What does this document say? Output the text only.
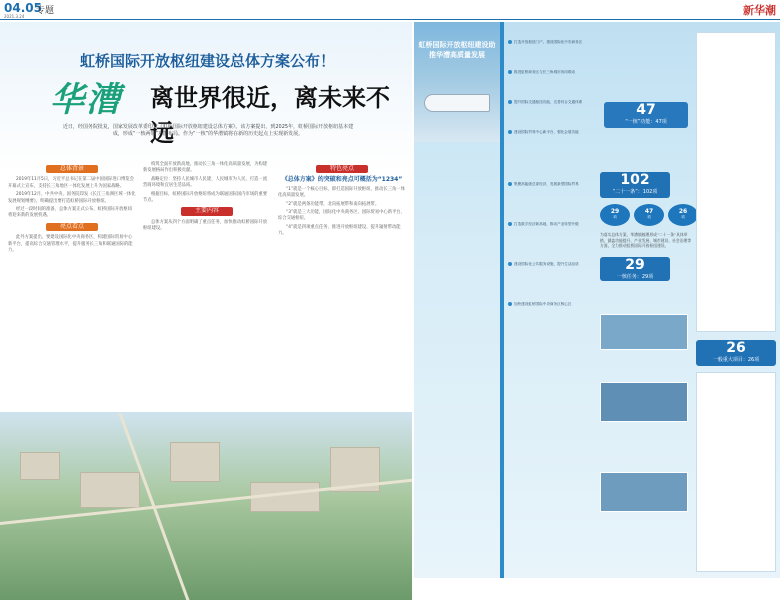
04.05
专题
2021.3.24	新华潮
虹桥国际开放枢纽建设总体方案公布！
华漕 离世界很近，离未来不远
近日，经国务院批复，国家发展改革委印发《虹桥国际开放枢纽建设总体方案》。该方案提出，到2025年，虹桥国际开放枢纽基本建成，形成“一核两带”功能布局。作为“一核”的华漕镇将在新的历史起点上实现新发展。
总体背景

2019年11月5日，习近平总书记在第二届中国国际进口博览会开幕式上宣布，支持长三角地区一体化发展上升为国家战略。

2019年12月，中共中央、国务院印发《长江三角洲区域一体化发展规划纲要》，明确提出要打造虹桥国际开放枢纽。

经过一段时间的准备，总体方案正式公布，虹桥国际开放枢纽将迎来新的发展机遇。

亮点看点

此外方案提出，要建设国际化中央商务区，构建国际贸易中心新平台，提高综合交通管理水平，提升服务长三角和联通国际的能力。

构筑全面开放新高地，推动长三角一体化高质量发展，为构建新发展格局作出积极贡献。

战略定位：坚持人民城市人民建、人民城市为人民，打造一流营商环境和宜居生活品质。

根据目标，虹桥国际开放枢纽将成为联通国际国内市场的重要节点。

主要内容

总体方案从四个方面明确了重点任务，加快推动虹桥国际开放枢纽建设。

特色亮点
《总体方案》的突破和亮点可概括为“1234”

“1”就是一个核心目标，即打造国际开放枢纽，推动长三角一体化高质量发展。

“2”就是两条功能带，北向拓展带和南向拓展带。

“3”就是三大功能，国际化中央商务区、国际贸易中心新平台、综合交通枢纽。

“4”就是四项重点任务，推进开放枢纽建设，提升辐射带动能力。

虹桥国际开放枢纽建设助推华漕高质量发展
打造开放枢纽门户，建设国际化中央商务区
推进虹桥商务区与长三角城市协同联动
提升国际交通枢纽功能，完善综合交通体系
建设国际贸易中心新平台，强化会展功能
集聚高能级总部经济，发展新型国际贸易
打造数字经济新高地，推动产业转型升级
建设国际化公共服务设施，提升生活品质
加快建设虹桥国际中央商务区核心区
102
“二十一条”：102项
29
项
47
项
26
项
为落实总体方案，华漕镇梳理形成“二十一条”具体举措，涵盖功能提升、产业发展、城市建设、社会治理等方面，全力推动虹桥国际开放枢纽建设。
47
“一核”功能：47项
29
一核任务：29项
26
一般重大项目：26项
